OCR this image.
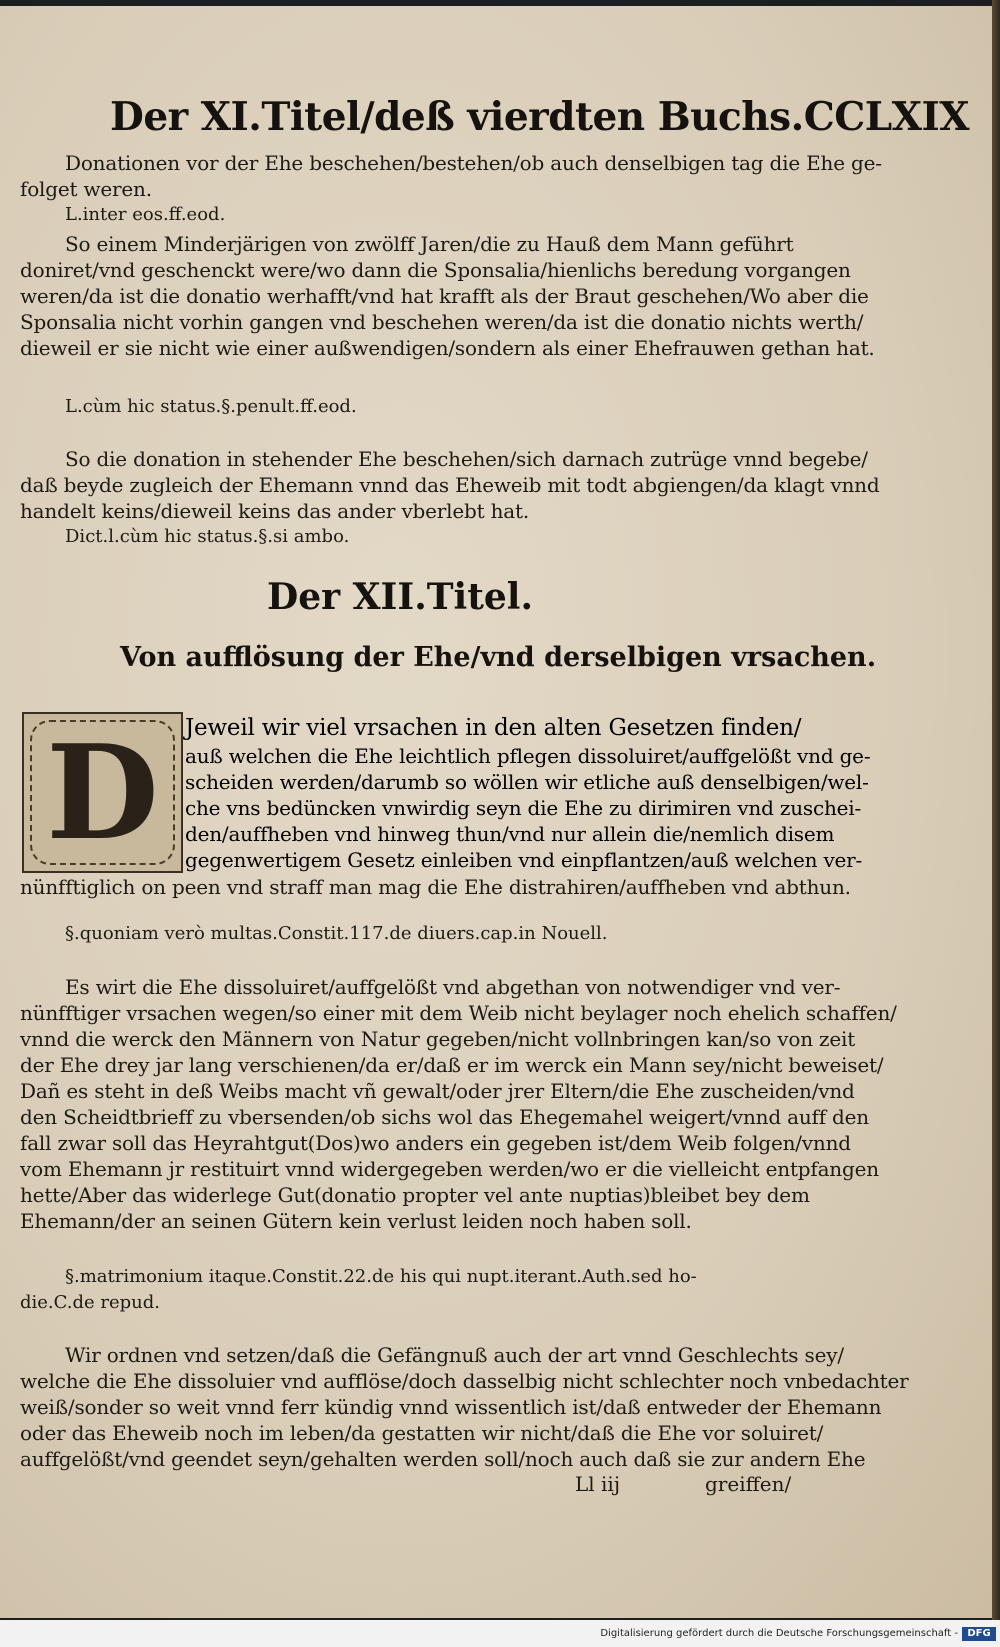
Der XI.Titel/deß vierdten Buchs. CCLXIX
Donationen vor der Ehe beschehen/bestehen/ob auch denselbigen tag die Ehe ge-
folget weren.
L.inter eos.ff.eod.
So einem Minderjärigen von zwölff Jaren/die zu Hauß dem Mann geführt
doniret/vnd geschenckt were/wo dann die Sponsalia/hienlichs beredung vorgangen
weren/da ist die donatio werhafft/vnd hat krafft als der Braut geschehen/Wo aber die
Sponsalia nicht vorhin gangen vnd beschehen weren/da ist die donatio nichts werth/
dieweil er sie nicht wie einer außwendigen/sondern als einer Ehefrauwen gethan hat.
L.cùm hic status.§.penult.ff.eod.
So die donation in stehender Ehe beschehen/sich darnach zutrüge vnnd begebe/
daß beyde zugleich der Ehemann vnnd das Eheweib mit todt abgiengen/da klagt vnnd
handelt keins/dieweil keins das ander vberlebt hat.
Dict.l.cùm hic status.§.si ambo.
Der XII.Titel.
Von aufflösung der Ehe/vnd derselbigen vrsachen.
D	Jeweil wir viel vrsachen in den alten Gesetzen finden/
auß welchen die Ehe leichtlich pflegen dissoluiret/auffgelößt vnd ge-
scheiden werden/darumb so wöllen wir etliche auß denselbigen/wel-
che vns bedüncken vnwirdig seyn die Ehe zu dirimiren vnd zuschei-
den/auffheben vnd hinweg thun/vnd nur allein die/nemlich disem
gegenwertigem Gesetz einleiben vnd einpflantzen/auß welchen ver-
nünfftiglich on peen vnd straff man mag die Ehe distrahiren/auffheben vnd abthun.
§.quoniam verò multas.Constit.117.de diuers.cap.in Nouell.
Es wirt die Ehe dissoluiret/auffgelößt vnd abgethan von notwendiger vnd ver-
nünfftiger vrsachen wegen/so einer mit dem Weib nicht beylager noch ehelich schaffen/
vnnd die werck den Männern von Natur gegeben/nicht vollnbringen kan/so von zeit
der Ehe drey jar lang verschienen/da er/daß er im werck ein Mann sey/nicht beweiset/
Dañ es steht in deß Weibs macht vñ gewalt/oder jrer Eltern/die Ehe zuscheiden/vnd
den Scheidtbrieff zu vbersenden/ob sichs wol das Ehegemahel weigert/vnnd auff den
fall zwar soll das Heyrahtgut(Dos)wo anders ein gegeben ist/dem Weib folgen/vnnd
vom Ehemann jr restituirt vnnd widergegeben werden/wo er die vielleicht entpfangen
hette/Aber das widerlege Gut(donatio propter vel ante nuptias)bleibet bey dem
Ehemann/der an seinen Gütern kein verlust leiden noch haben soll.
§.matrimonium itaque.Constit.22.de his qui nupt.iterant.Auth.sed ho-
die.C.de repud.
Wir ordnen vnd setzen/daß die Gefängnuß auch der art vnnd Geschlechts sey/
welche die Ehe dissoluier vnd aufflöse/doch dasselbig nicht schlechter noch vnbedachter
weiß/sonder so weit vnnd ferr kündig vnnd wissentlich ist/daß entweder der Ehemann
oder das Eheweib noch im leben/da gestatten wir nicht/daß die Ehe vor soluiret/
auffgelößt/vnd geendet seyn/gehalten werden soll/noch auch daß sie zur andern Ehe
Ll iij	greiffen/
Digitalisierung gefördert durch die Deutsche Forschungsgemeinschaft - DFG
